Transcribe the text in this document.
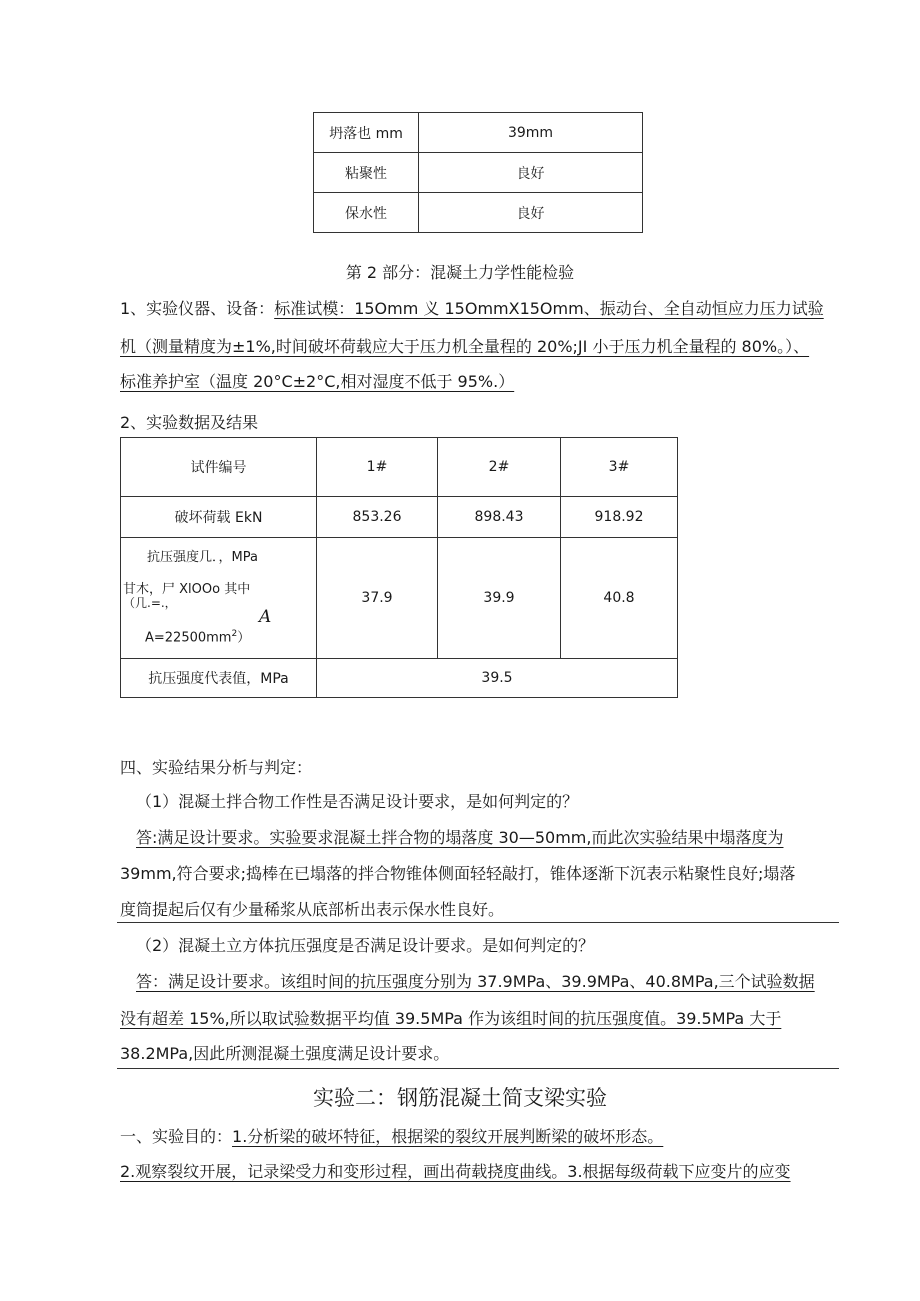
坍落也 mm	39mm
粘聚性	良好
保水性	良好
第 2 部分：混凝土力学性能检验
1、实验仪器、设备：标准试模：15Omm 义 15OmmX15Omm、振动台、全自动恒应力压力试验
机（测量精度为±1%,时间破坏荷载应大于压力机全量程的 20%;JI 小于压力机全量程的 80%。）、
标准养护室（温度 20°C±2°C,相对湿度不低于 95%.）
2、实验数据及结果
试件编号	1#	2#	3#
破坏荷载 EkN	853.26	898.43	918.92

抗压强度几．，MPa
甘木，尸 XlOOo 其中
（几.=.，
A
$A=22500mm^2$）	37.9	39.9	40.8
抗压强度代表值，MPa	39.5		
四、实验结果分析与判定：
（1）混凝土拌合物工作性是否满足设计要求，是如何判定的？
答:满足设计要求。实验要求混凝土拌合物的塌落度 30—50mm,而此次实验结果中塌落度为
39mm,符合要求;捣棒在已塌落的拌合物锥体侧面轻轻敲打，锥体逐渐下沉表示粘聚性良好;塌落
度筒提起后仅有少量稀浆从底部析出表示保水性良好。
（2）混凝土立方体抗压强度是否满足设计要求。是如何判定的？
答：满足设计要求。该组时间的抗压强度分别为 37.9MPa、39.9MPa、40.8MPa,三个试验数据
没有超差 15%,所以取试验数据平均值 39.5MPa 作为该组时间的抗压强度值。39.5MPa 大于
38.2MPa,因此所测混凝土强度满足设计要求。
实验二：钢筋混凝土简支梁实验
一、实验目的：1.分析梁的破坏特征，根据梁的裂纹开展判断梁的破坏形态。
2.观察裂纹开展，记录梁受力和变形过程，画出荷载挠度曲线。3.根据每级荷载下应变片的应变
